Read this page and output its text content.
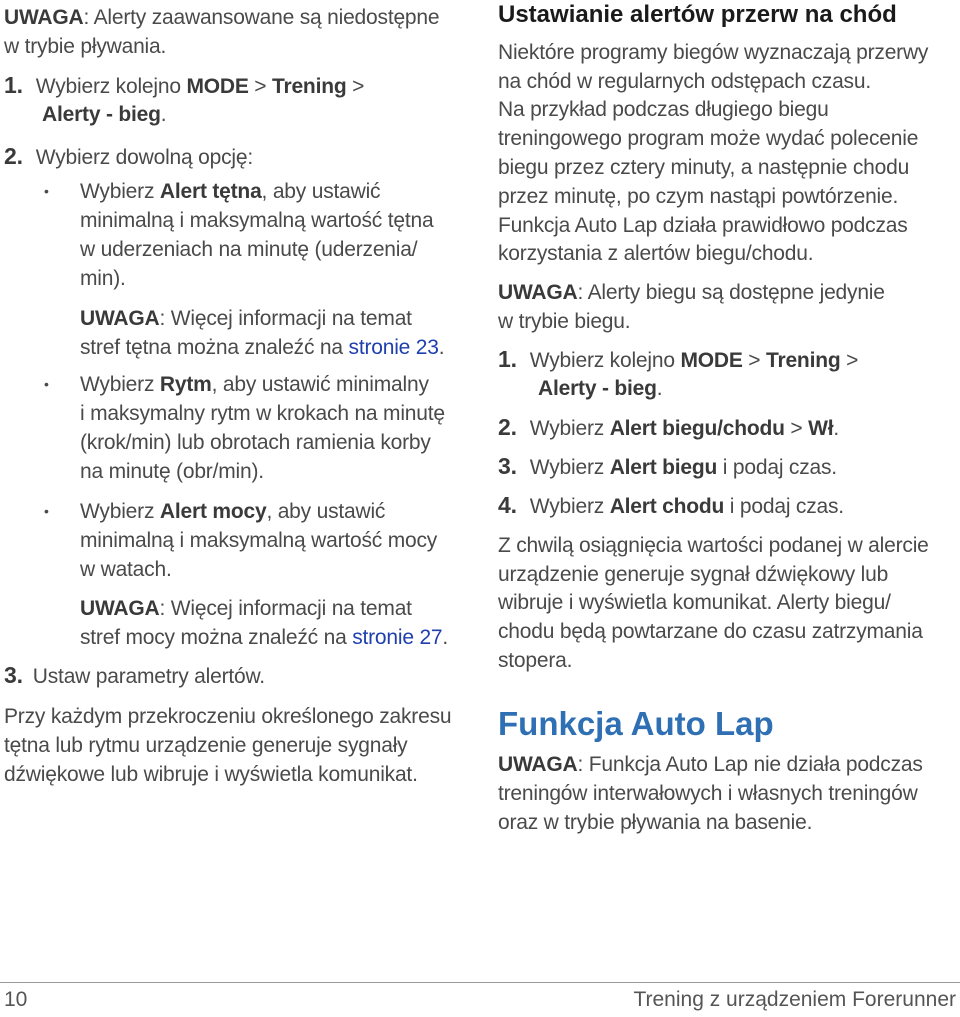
UWAGA: Alerty zaawansowane są niedostępne
w trybie pływania.
1. Wybierz kolejno MODE > Trening >
Alerty - bieg.
2. Wybierz dowolną opcję:
• Wybierz Alert tętna, aby ustawić
minimalną i maksymalną wartość tętna
w uderzeniach na minutę (uderzenia/
min).
UWAGA: Więcej informacji na temat
stref tętna można znaleźć na stronie 23.
• Wybierz Rytm, aby ustawić minimalny
i maksymalny rytm w krokach na minutę
(krok/min) lub obrotach ramienia korby
na minutę (obr/min).
• Wybierz Alert mocy, aby ustawić
minimalną i maksymalną wartość mocy
w watach.
UWAGA: Więcej informacji na temat
stref mocy można znaleźć na stronie 27.
3. Ustaw parametry alertów.
Przy każdym przekroczeniu określonego zakresu
tętna lub rytmu urządzenie generuje sygnały
dźwiękowe lub wibruje i wyświetla komunikat.
Ustawianie alertów przerw na chód
Niektóre programy biegów wyznaczają przerwy
na chód w regularnych odstępach czasu.
Na przykład podczas długiego biegu
treningowego program może wydać polecenie
biegu przez cztery minuty, a następnie chodu
przez minutę, po czym nastąpi powtórzenie.
Funkcja Auto Lap działa prawidłowo podczas
korzystania z alertów biegu/chodu.
UWAGA: Alerty biegu są dostępne jedynie
w trybie biegu.
1. Wybierz kolejno MODE > Trening >
Alerty - bieg.
2. Wybierz Alert biegu/chodu > Wł.
3. Wybierz Alert biegu i podaj czas.
4. Wybierz Alert chodu i podaj czas.
Z chwilą osiągnięcia wartości podanej w alercie
urządzenie generuje sygnał dźwiękowy lub
wibruje i wyświetla komunikat. Alerty biegu/
chodu będą powtarzane do czasu zatrzymania
stopera.
Funkcja Auto Lap
UWAGA: Funkcja Auto Lap nie działa podczas
treningów interwałowych i własnych treningów
oraz w trybie pływania na basenie.
10	Trening z urządzeniem Forerunner
